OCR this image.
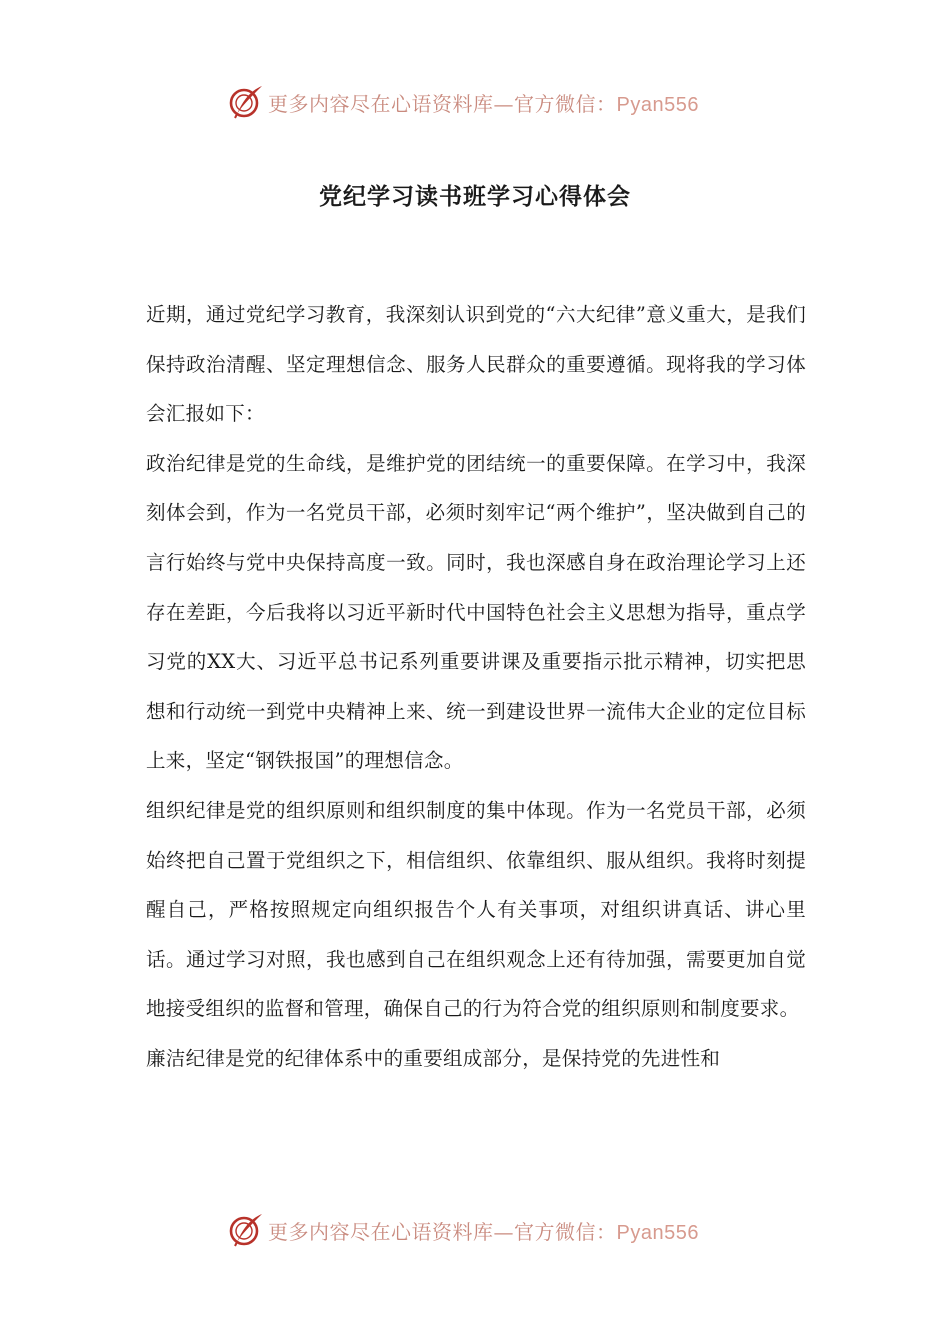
更多内容尽在心语资料库—官方微信：Pyan556
党纪学习读书班学习心得体会

近期，通过党纪学习教育，我深刻认识到党的“六大纪律”意义重大，是我们保持政治清醒、坚定理想信念、服务人民群众的重要遵循。现将我的学习体会汇报如下：

政治纪律是党的生命线，是维护党的团结统一的重要保障。在学习中，我深刻体会到，作为一名党员干部，必须时刻牢记“两个维护”，坚决做到自己的言行始终与党中央保持高度一致。同时，我也深感自身在政治理论学习上还存在差距，今后我将以习近平新时代中国特色社会主义思想为指导，重点学习党的XX大、习近平总书记系列重要讲课及重要指示批示精神，切实把思想和行动统一到党中央精神上来、统一到建设世界一流伟大企业的定位目标上来，坚定“钢铁报国”的理想信念。

组织纪律是党的组织原则和组织制度的集中体现。作为一名党员干部，必须始终把自己置于党组织之下，相信组织、依靠组织、服从组织。我将时刻提醒自己，严格按照规定向组织报告个人有关事项，对组织讲真话、讲心里话。通过学习对照，我也感到自己在组织观念上还有待加强，需要更加自觉地接受组织的监督和管理，确保自己的行为符合党的组织原则和制度要求。

廉洁纪律是党的纪律体系中的重要组成部分，是保持党的先进性和

更多内容尽在心语资料库—官方微信：Pyan556
